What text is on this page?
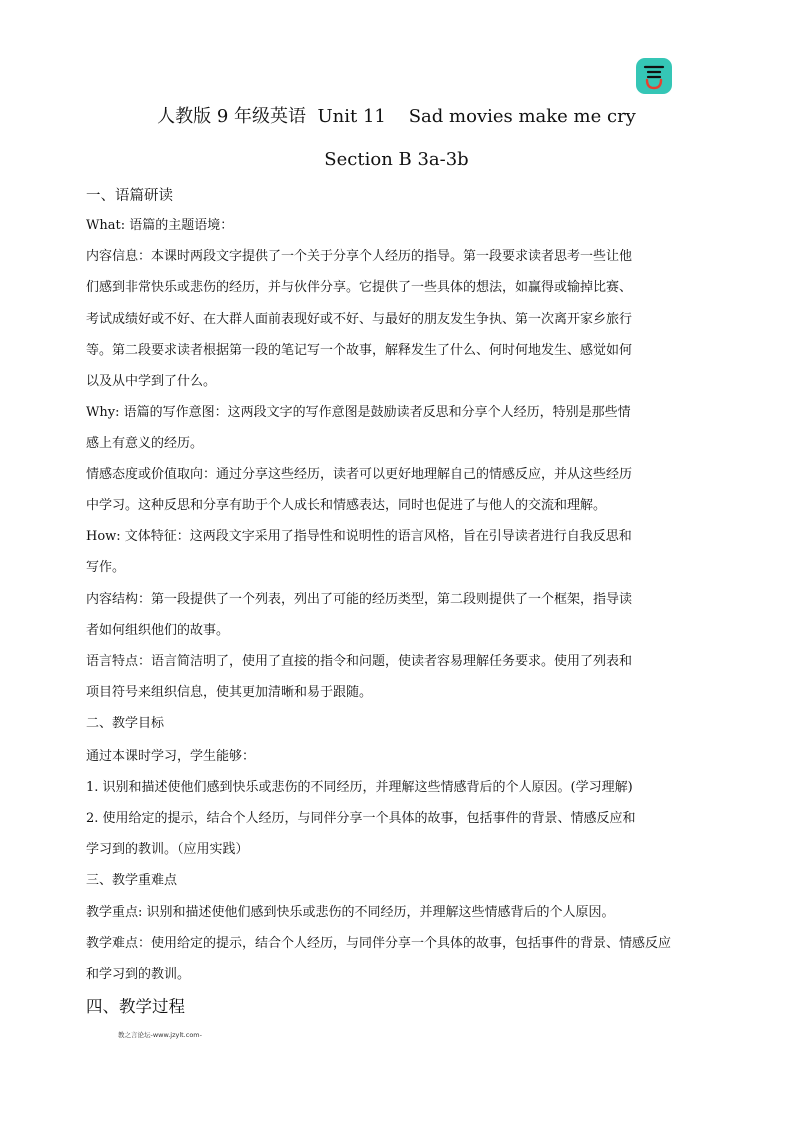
人教版 9 年级英语  Unit 11    Sad movies make me cry
Section B 3a-3b
一、语篇研读
What: 语篇的主题语境：
内容信息：本课时两段文字提供了一个关于分享个人经历的指导。第一段要求读者思考一些让他
们感到非常快乐或悲伤的经历，并与伙伴分享。它提供了一些具体的想法，如赢得或输掉比赛、
考试成绩好或不好、在大群人面前表现好或不好、与最好的朋友发生争执、第一次离开家乡旅行
等。第二段要求读者根据第一段的笔记写一个故事，解释发生了什么、何时何地发生、感觉如何
以及从中学到了什么。
Why: 语篇的写作意图：这两段文字的写作意图是鼓励读者反思和分享个人经历，特别是那些情
感上有意义的经历。
情感态度或价值取向：通过分享这些经历，读者可以更好地理解自己的情感反应，并从这些经历
中学习。这种反思和分享有助于个人成长和情感表达，同时也促进了与他人的交流和理解。
How: 文体特征：这两段文字采用了指导性和说明性的语言风格，旨在引导读者进行自我反思和
写作。
内容结构：第一段提供了一个列表，列出了可能的经历类型，第二段则提供了一个框架，指导读
者如何组织他们的故事。
语言特点：语言简洁明了，使用了直接的指令和问题，使读者容易理解任务要求。使用了列表和
项目符号来组织信息，使其更加清晰和易于跟随。
二、教学目标
通过本课时学习，学生能够：
1. 识别和描述使他们感到快乐或悲伤的不同经历，并理解这些情感背后的个人原因。(学习理解)
2. 使用给定的提示，结合个人经历，与同伴分享一个具体的故事，包括事件的背景、情感反应和
学习到的教训。（应用实践）
三、教学重难点
教学重点: 识别和描述使他们感到快乐或悲伤的不同经历，并理解这些情感背后的个人原因。
教学难点：使用给定的提示，结合个人经历，与同伴分享一个具体的故事，包括事件的背景、情感反应
和学习到的教训。
四、教学过程
教之言论坛-www.jzylt.com-
